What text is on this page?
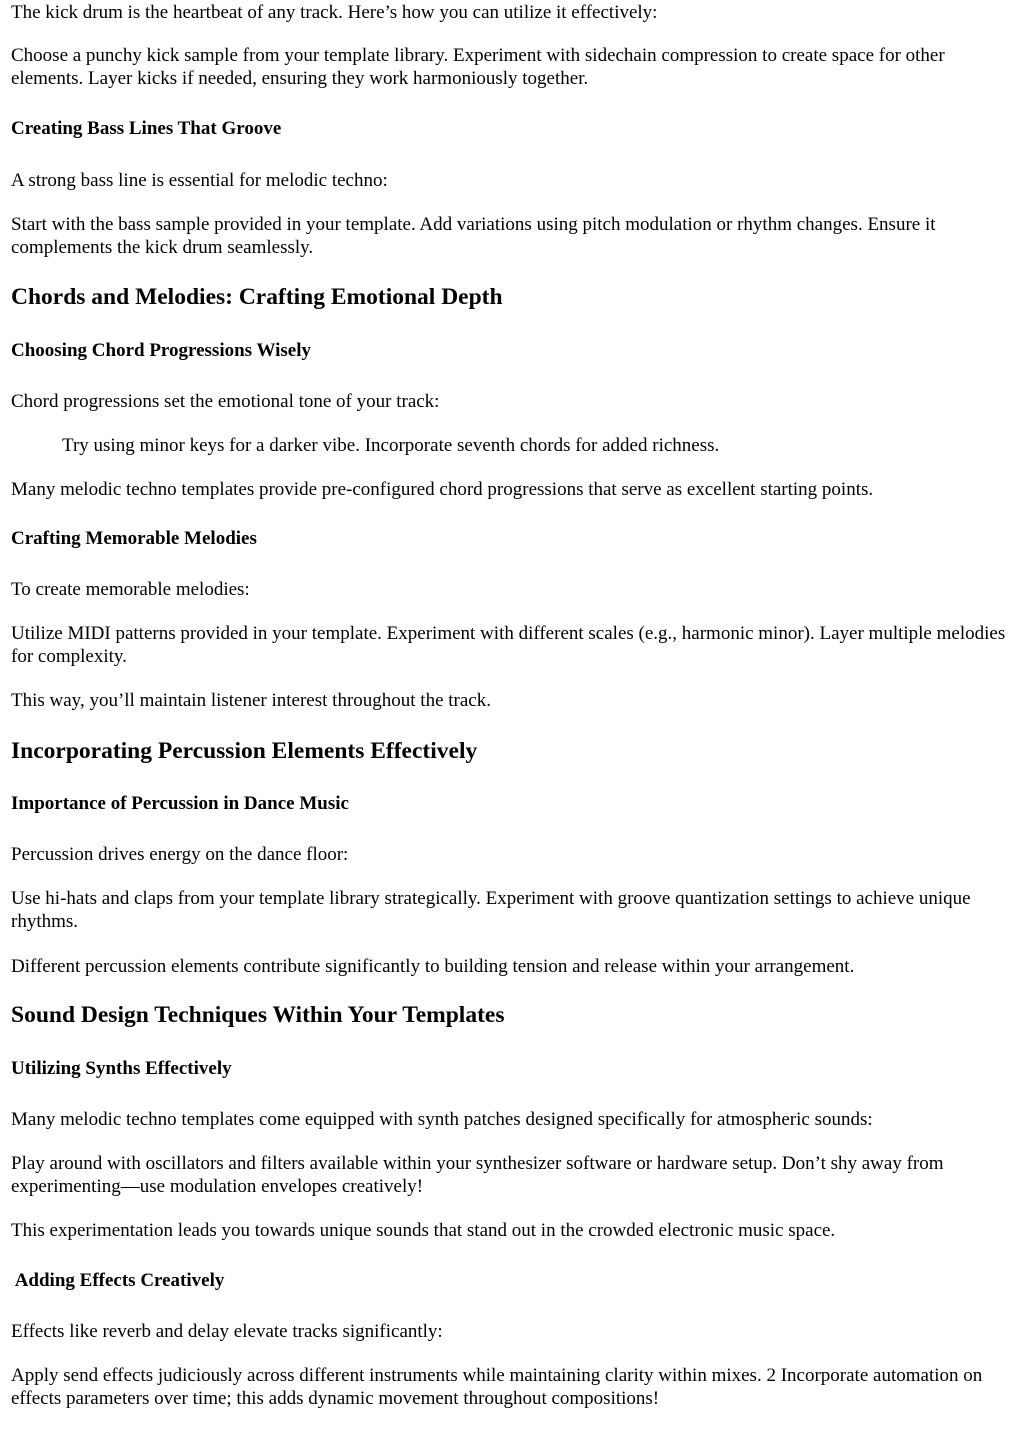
The kick drum is the heartbeat of any track. Here’s how you can utilize it effectively:

Choose a punchy kick sample from your template library. Experiment with sidechain compression to create space for other elements. Layer kicks if needed, ensuring they work harmoniously together.

Creating Bass Lines That Groove

A strong bass line is essential for melodic techno:

Start with the bass sample provided in your template. Add variations using pitch modulation or rhythm changes. Ensure it complements the kick drum seamlessly.

Chords and Melodies: Crafting Emotional Depth
Choosing Chord Progressions Wisely

Chord progressions set the emotional tone of your track:

Try using minor keys for a darker vibe. Incorporate seventh chords for added richness.

Many melodic techno templates provide pre-configured chord progressions that serve as excellent starting points.

Crafting Memorable Melodies

To create memorable melodies:

Utilize MIDI patterns provided in your template. Experiment with different scales (e.g., harmonic minor). Layer multiple melodies for complexity.

This way, you’ll maintain listener interest throughout the track.

Incorporating Percussion Elements Effectively
Importance of Percussion in Dance Music

Percussion drives energy on the dance floor:

Use hi-hats and claps from your template library strategically. Experiment with groove quantization settings to achieve unique rhythms.

Different percussion elements contribute significantly to building tension and release within your arrangement.

Sound Design Techniques Within Your Templates
Utilizing Synths Effectively

Many melodic techno templates come equipped with synth patches designed specifically for atmospheric sounds:

Play around with oscillators and filters available within your synthesizer software or hardware setup. Don’t shy away from experimenting—use modulation envelopes creatively!

This experimentation leads you towards unique sounds that stand out in the crowded electronic music space.

Adding Effects Creatively

Effects like reverb and delay elevate tracks significantly:

Apply send effects judiciously across different instruments while maintaining clarity within mixes. 2 Incorporate automation on effects parameters over time; this adds dynamic movement throughout compositions!
